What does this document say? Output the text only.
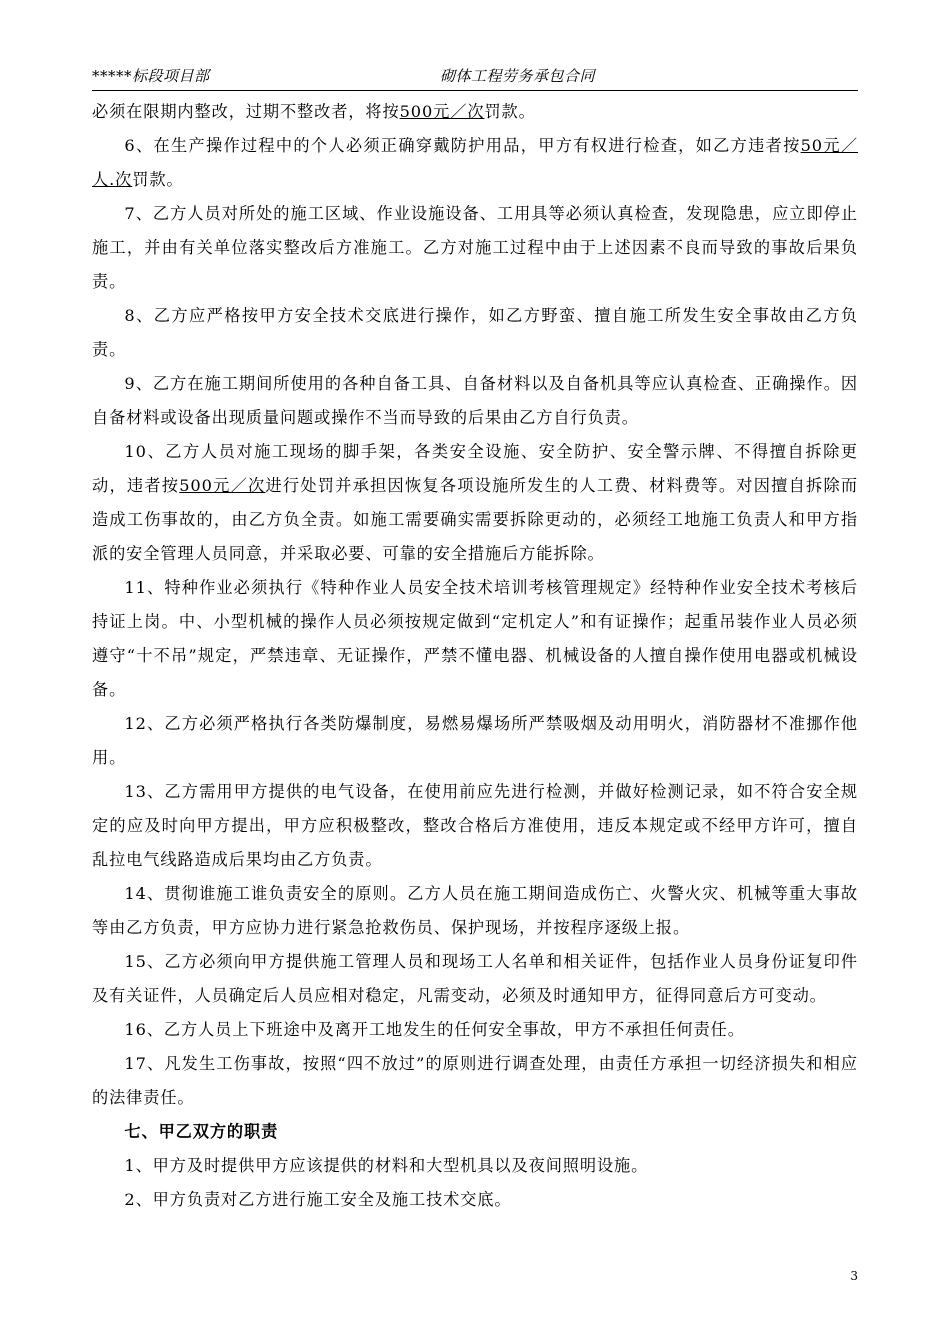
*****标段项目部	砌体工程劳务承包合同

必须在限期内整改，过期不整改者，将按500元／次罚款。

6、在生产操作过程中的个人必须正确穿戴防护用品，甲方有权进行检查，如乙方违者按50元／人.次罚款。

7、乙方人员对所处的施工区域、作业设施设备、工用具等必须认真检查，发现隐患，应立即停止施工，并由有关单位落实整改后方准施工。乙方对施工过程中由于上述因素不良而导致的事故后果负责。

8、乙方应严格按甲方安全技术交底进行操作，如乙方野蛮、擅自施工所发生安全事故由乙方负责。

9、乙方在施工期间所使用的各种自备工具、自备材料以及自备机具等应认真检查、正确操作。因自备材料或设备出现质量问题或操作不当而导致的后果由乙方自行负责。

10、乙方人员对施工现场的脚手架，各类安全设施、安全防护、安全警示牌、不得擅自拆除更动，违者按500元／次进行处罚并承担因恢复各项设施所发生的人工费、材料费等。对因擅自拆除而造成工伤事故的，由乙方负全责。如施工需要确实需要拆除更动的，必须经工地施工负责人和甲方指派的安全管理人员同意，并采取必要、可靠的安全措施后方能拆除。

11、特种作业必须执行《特种作业人员安全技术培训考核管理规定》经特种作业安全技术考核后持证上岗。中、小型机械的操作人员必须按规定做到“定机定人”和有证操作；起重吊装作业人员必须遵守“十不吊”规定，严禁违章、无证操作，严禁不懂电器、机械设备的人擅自操作使用电器或机械设备。

12、乙方必须严格执行各类防爆制度，易燃易爆场所严禁吸烟及动用明火，消防器材不准挪作他用。

13、乙方需用甲方提供的电气设备，在使用前应先进行检测，并做好检测记录，如不符合安全规定的应及时向甲方提出，甲方应积极整改，整改合格后方准使用，违反本规定或不经甲方许可，擅自乱拉电气线路造成后果均由乙方负责。

14、贯彻谁施工谁负责安全的原则。乙方人员在施工期间造成伤亡、火警火灾、机械等重大事故等由乙方负责，甲方应协力进行紧急抢救伤员、保护现场，并按程序逐级上报。

15、乙方必须向甲方提供施工管理人员和现场工人名单和相关证件，包括作业人员身份证复印件及有关证件，人员确定后人员应相对稳定，凡需变动，必须及时通知甲方，征得同意后方可变动。

16、乙方人员上下班途中及离开工地发生的任何安全事故，甲方不承担任何责任。

17、凡发生工伤事故，按照“四不放过”的原则进行调查处理，由责任方承担一切经济损失和相应的法律责任。

七、甲乙双方的职责

1、甲方及时提供甲方应该提供的材料和大型机具以及夜间照明设施。

2、甲方负责对乙方进行施工安全及施工技术交底。

3
